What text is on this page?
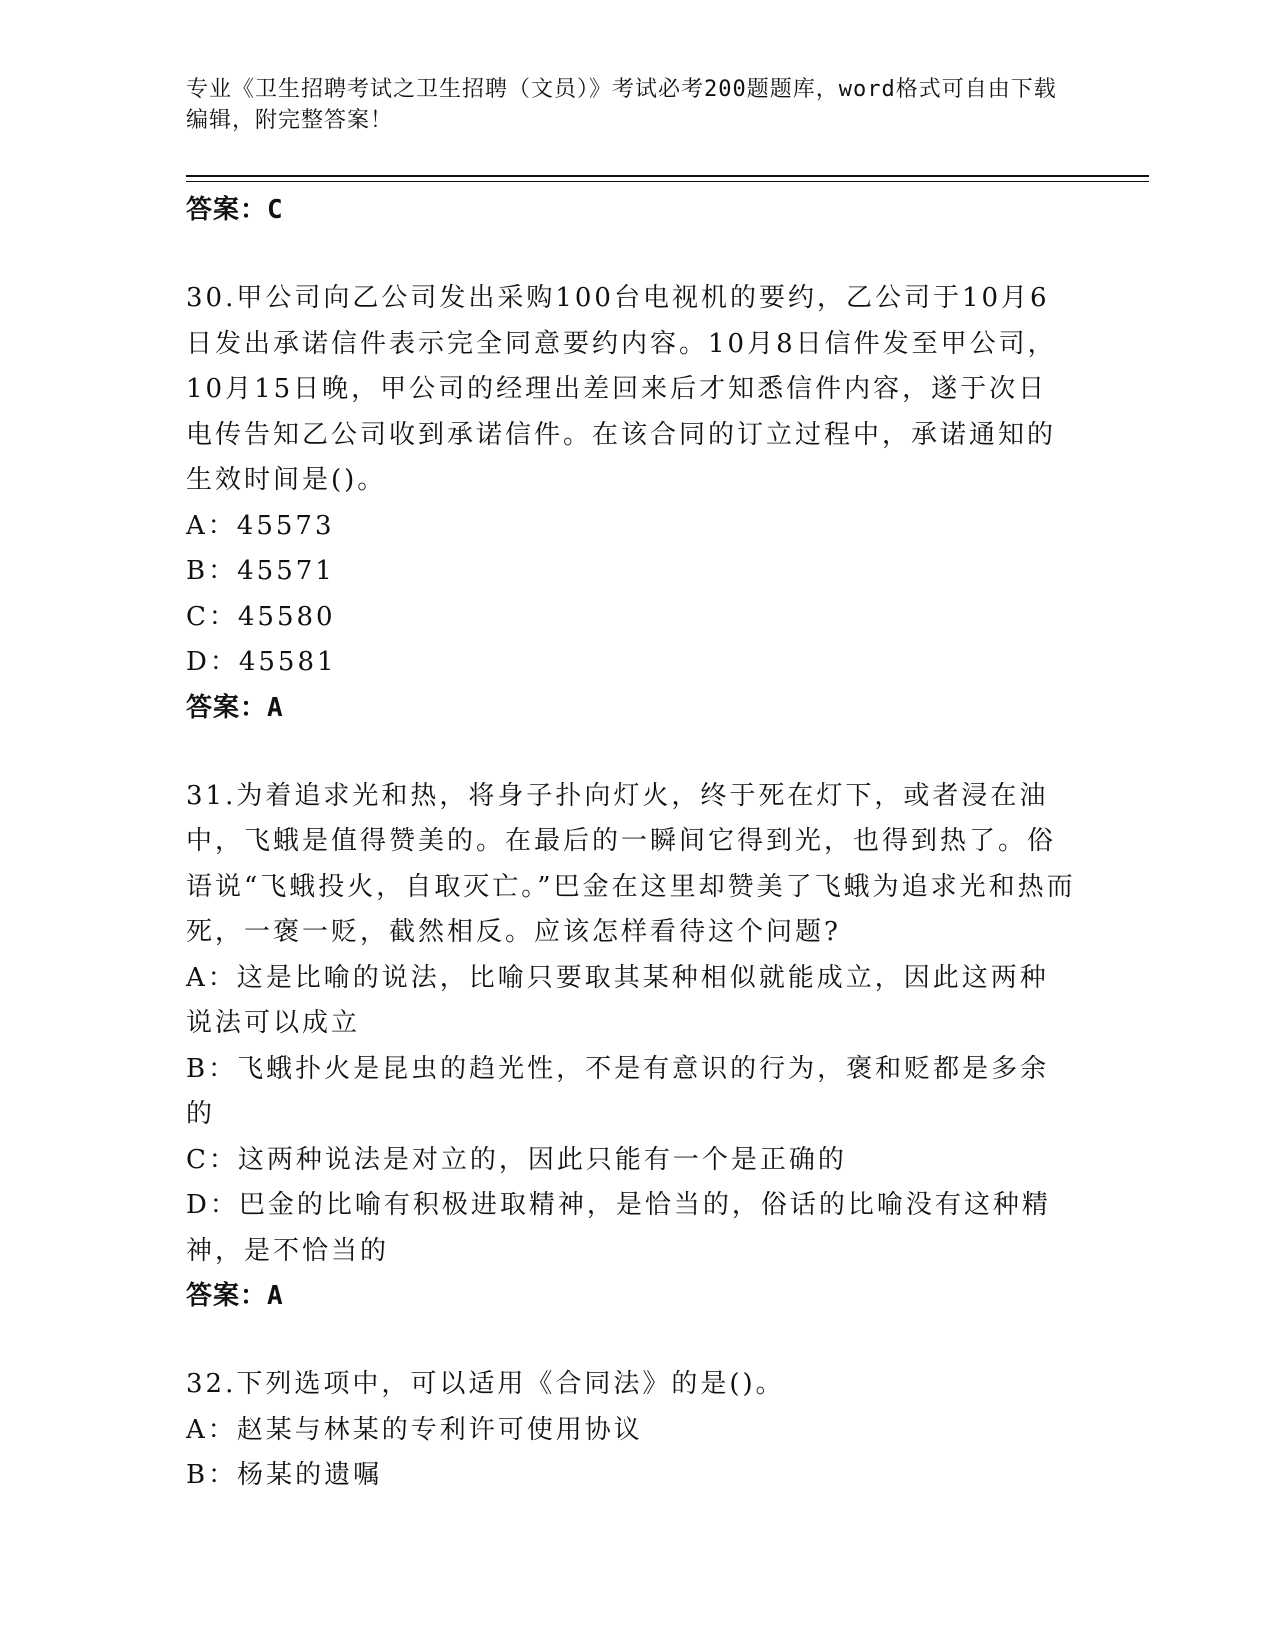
专业《卫生招聘考试之卫生招聘（文员）》考试必考200题题库，word格式可自由下载编辑，附完整答案！
答案：C
30.甲公司向乙公司发出采购100台电视机的要约，乙公司于10月6日发出承诺信件表示完全同意要约内容。10月8日信件发至甲公司，10月15日晚，甲公司的经理出差回来后才知悉信件内容，遂于次日电传告知乙公司收到承诺信件。在该合同的订立过程中，承诺通知的生效时间是()。
A：45573
B：45571
C：45580
D：45581
答案：A
31.为着追求光和热，将身子扑向灯火，终于死在灯下，或者浸在油中，飞蛾是值得赞美的。在最后的一瞬间它得到光，也得到热了。俗语说“飞蛾投火，自取灭亡。”巴金在这里却赞美了飞蛾为追求光和热而死，一褒一贬，截然相反。应该怎样看待这个问题?
A：这是比喻的说法，比喻只要取其某种相似就能成立，因此这两种说法可以成立
B：飞蛾扑火是昆虫的趋光性，不是有意识的行为，褒和贬都是多余的
C：这两种说法是对立的，因此只能有一个是正确的
D：巴金的比喻有积极进取精神，是恰当的，俗话的比喻没有这种精神，是不恰当的
答案：A
32.下列选项中，可以适用《合同法》的是()。
A：赵某与林某的专利许可使用协议
B：杨某的遗嘱
